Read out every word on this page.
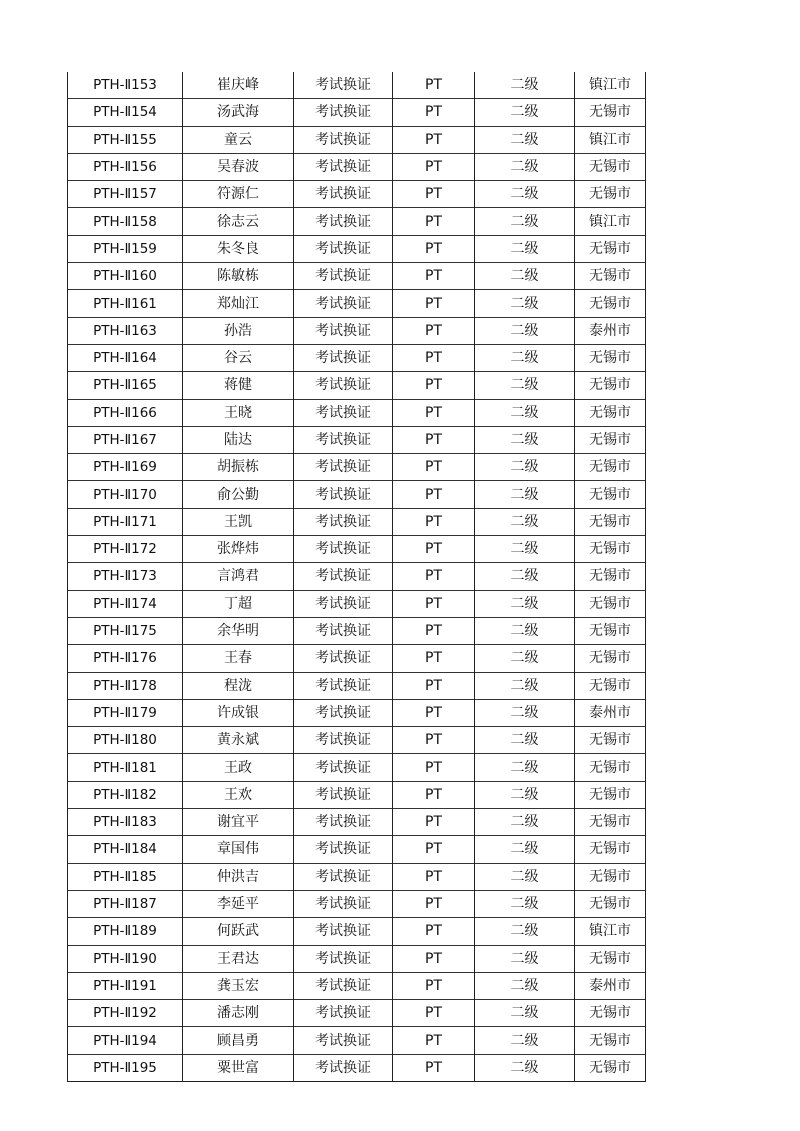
PTH-Ⅱ153	崔庆峰	考试换证	PT	二级	镇江市
PTH-Ⅱ154	汤武海	考试换证	PT	二级	无锡市
PTH-Ⅱ155	童云	考试换证	PT	二级	镇江市
PTH-Ⅱ156	吴春波	考试换证	PT	二级	无锡市
PTH-Ⅱ157	符源仁	考试换证	PT	二级	无锡市
PTH-Ⅱ158	徐志云	考试换证	PT	二级	镇江市
PTH-Ⅱ159	朱冬良	考试换证	PT	二级	无锡市
PTH-Ⅱ160	陈敏栋	考试换证	PT	二级	无锡市
PTH-Ⅱ161	郑灿江	考试换证	PT	二级	无锡市
PTH-Ⅱ163	孙浩	考试换证	PT	二级	泰州市
PTH-Ⅱ164	谷云	考试换证	PT	二级	无锡市
PTH-Ⅱ165	蒋健	考试换证	PT	二级	无锡市
PTH-Ⅱ166	王晓	考试换证	PT	二级	无锡市
PTH-Ⅱ167	陆达	考试换证	PT	二级	无锡市
PTH-Ⅱ169	胡振栋	考试换证	PT	二级	无锡市
PTH-Ⅱ170	俞公勤	考试换证	PT	二级	无锡市
PTH-Ⅱ171	王凯	考试换证	PT	二级	无锡市
PTH-Ⅱ172	张烨炜	考试换证	PT	二级	无锡市
PTH-Ⅱ173	言鸿君	考试换证	PT	二级	无锡市
PTH-Ⅱ174	丁超	考试换证	PT	二级	无锡市
PTH-Ⅱ175	余华明	考试换证	PT	二级	无锡市
PTH-Ⅱ176	王春	考试换证	PT	二级	无锡市
PTH-Ⅱ178	程泷	考试换证	PT	二级	无锡市
PTH-Ⅱ179	许成银	考试换证	PT	二级	泰州市
PTH-Ⅱ180	黄永斌	考试换证	PT	二级	无锡市
PTH-Ⅱ181	王政	考试换证	PT	二级	无锡市
PTH-Ⅱ182	王欢	考试换证	PT	二级	无锡市
PTH-Ⅱ183	谢宜平	考试换证	PT	二级	无锡市
PTH-Ⅱ184	章国伟	考试换证	PT	二级	无锡市
PTH-Ⅱ185	仲洪吉	考试换证	PT	二级	无锡市
PTH-Ⅱ187	李延平	考试换证	PT	二级	无锡市
PTH-Ⅱ189	何跃武	考试换证	PT	二级	镇江市
PTH-Ⅱ190	王君达	考试换证	PT	二级	无锡市
PTH-Ⅱ191	龚玉宏	考试换证	PT	二级	泰州市
PTH-Ⅱ192	潘志刚	考试换证	PT	二级	无锡市
PTH-Ⅱ194	顾昌勇	考试换证	PT	二级	无锡市
PTH-Ⅱ195	粟世富	考试换证	PT	二级	无锡市
